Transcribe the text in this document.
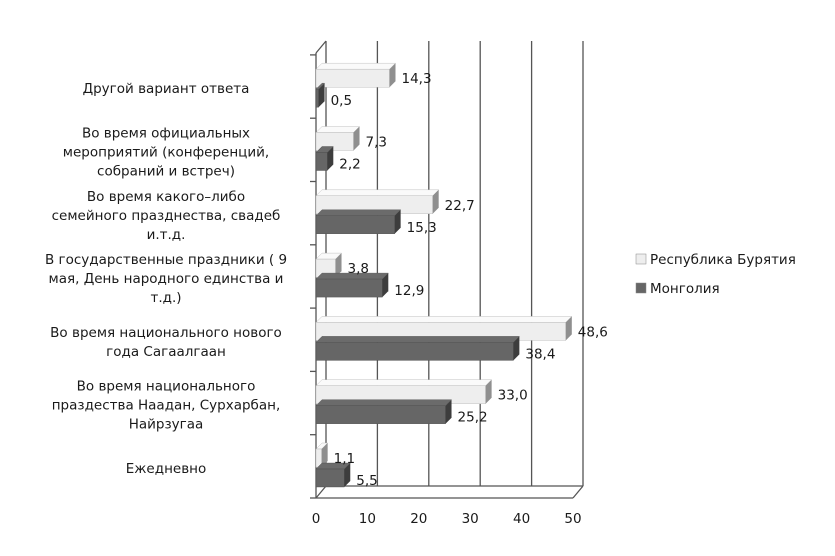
0	10	20	30	40	50
1,1
5,5
Ежедневно
33,0
25,2
Во время национального праздества Наадан, Сурхарбан, Найрзугаа
48,6
38,4
Во время национального нового года Сагаалгаан
3,8
12,9
В государственные праздники ( 9 мая, День народного единства и т.д.)
22,7
15,3
Во время какого–либо семейного празднества, свадеб и.т.д.
7,3
2,2
Во время официальных мероприятий (конференций, собраний и встреч)
14,3
0,5
Другой вариант ответа
Республика Бурятия
Монголия
